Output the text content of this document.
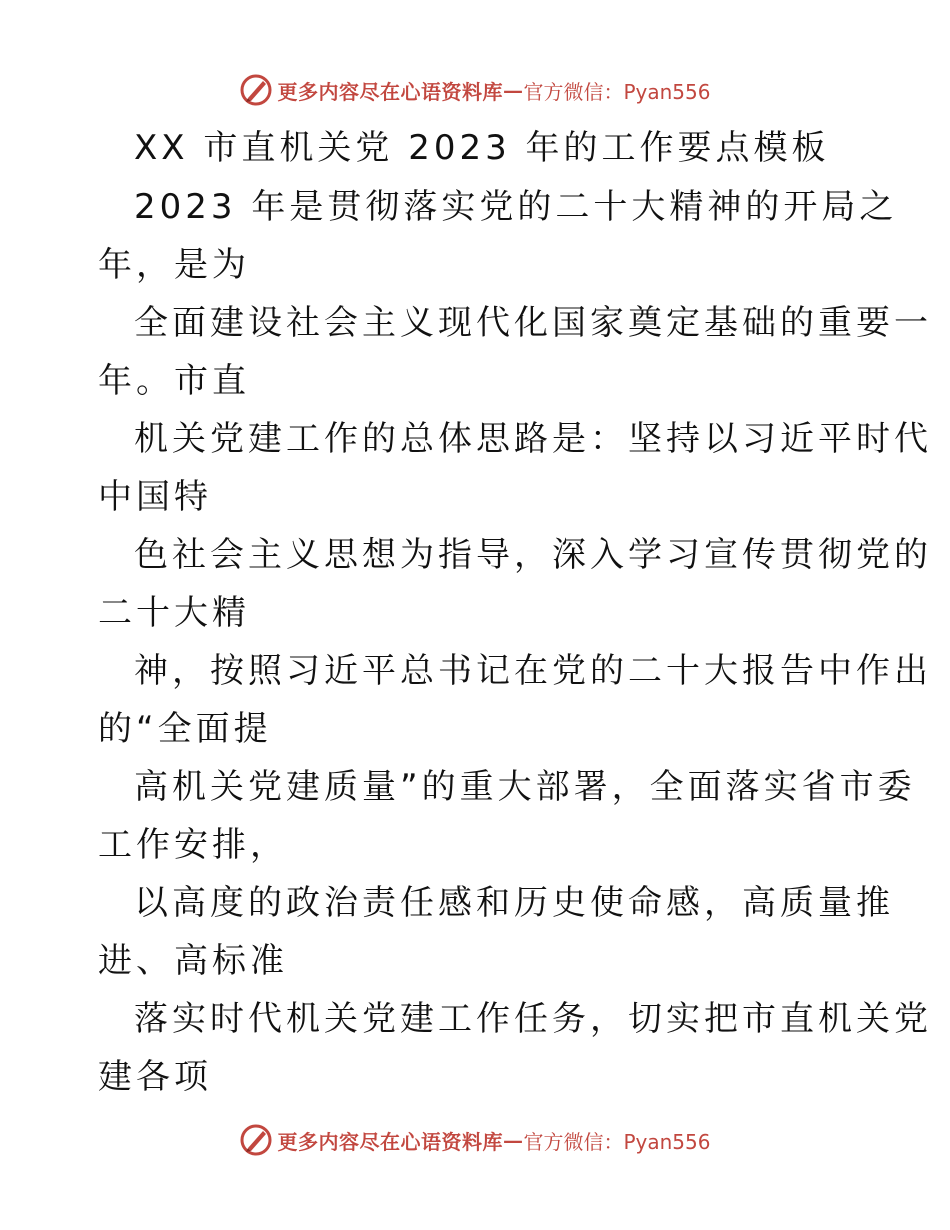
更多内容尽在心语资料库 — 官方微信：Pyan556
XX 市直机关党 2023 年的工作要点模板
2023 年是贯彻落实党的二十大精神的开局之
年，是为
全面建设社会主义现代化国家奠定基础的重要一
年。市直
机关党建工作的总体思路是：坚持以习近平时代
中国特
色社会主义思想为指导，深入学习宣传贯彻党的
二十大精
神，按照习近平总书记在党的二十大报告中作出
的“全面提
高机关党建质量”的重大部署，全面落实省市委
工作安排，
以高度的政治责任感和历史使命感，高质量推
进、高标准
落实时代机关党建工作任务，切实把市直机关党
建各项
更多内容尽在心语资料库 — 官方微信：Pyan556
